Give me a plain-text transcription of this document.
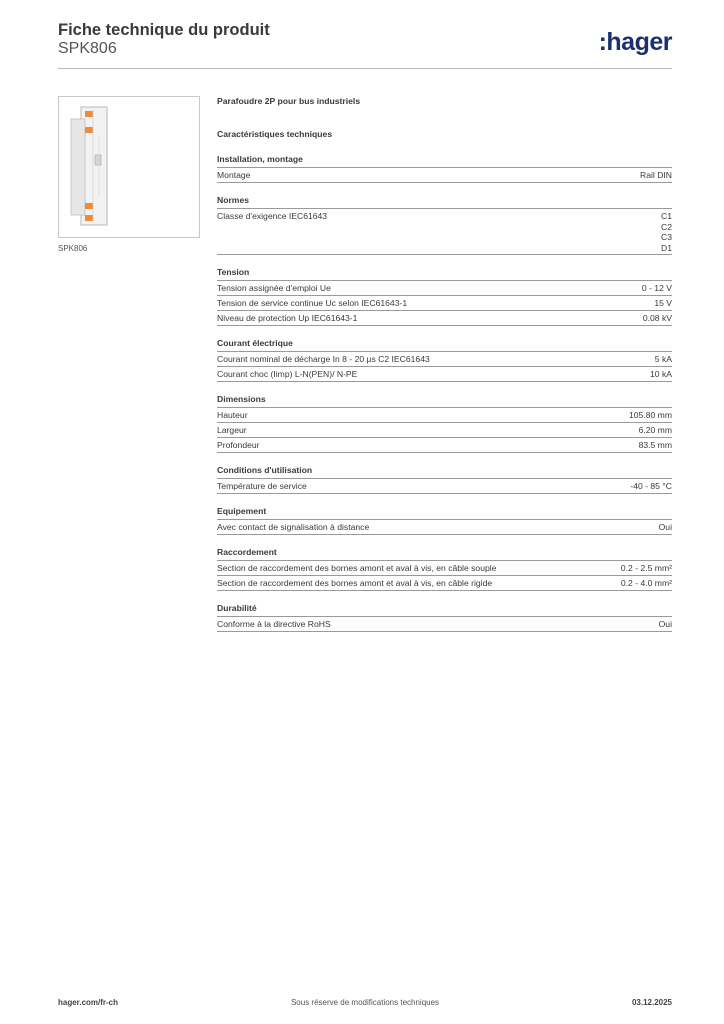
Fiche technique du produit
SPK806	:hager
SPK806
Parafoudre 2P pour bus industriels
Caractéristiques techniques
Installation, montage
Montage	Rail DIN
Normes
Classe d'exigence IEC61643	C1
C2
C3
D1
Tension
Tension assignée d'emploi Ue	0 - 12 V
Tension de service continue Uc selon IEC61643-1	15 V
Niveau de protection Up IEC61643-1	0.08 kV
Courant électrique
Courant nominal de décharge In 8 - 20 µs C2 IEC61643	5 kA
Courant choc (Iimp) L-N(PEN)/ N-PE	10 kA
Dimensions
Hauteur	105.80 mm
Largeur	6.20 mm
Profondeur	83.5 mm
Conditions d'utilisation
Température de service	-40 - 85 °C
Equipement
Avec contact de signalisation à distance	Oui
Raccordement
Section de raccordement des bornes amont et aval à vis, en câble souple	0.2 - 2.5 mm²
Section de raccordement des bornes amont et aval à vis, en câble rigide	0.2 - 4.0 mm²
Durabilité
Conforme à la directive RoHS	Oui
hager.com/fr-ch	Sous réserve de modifications techniques	03.12.2025
